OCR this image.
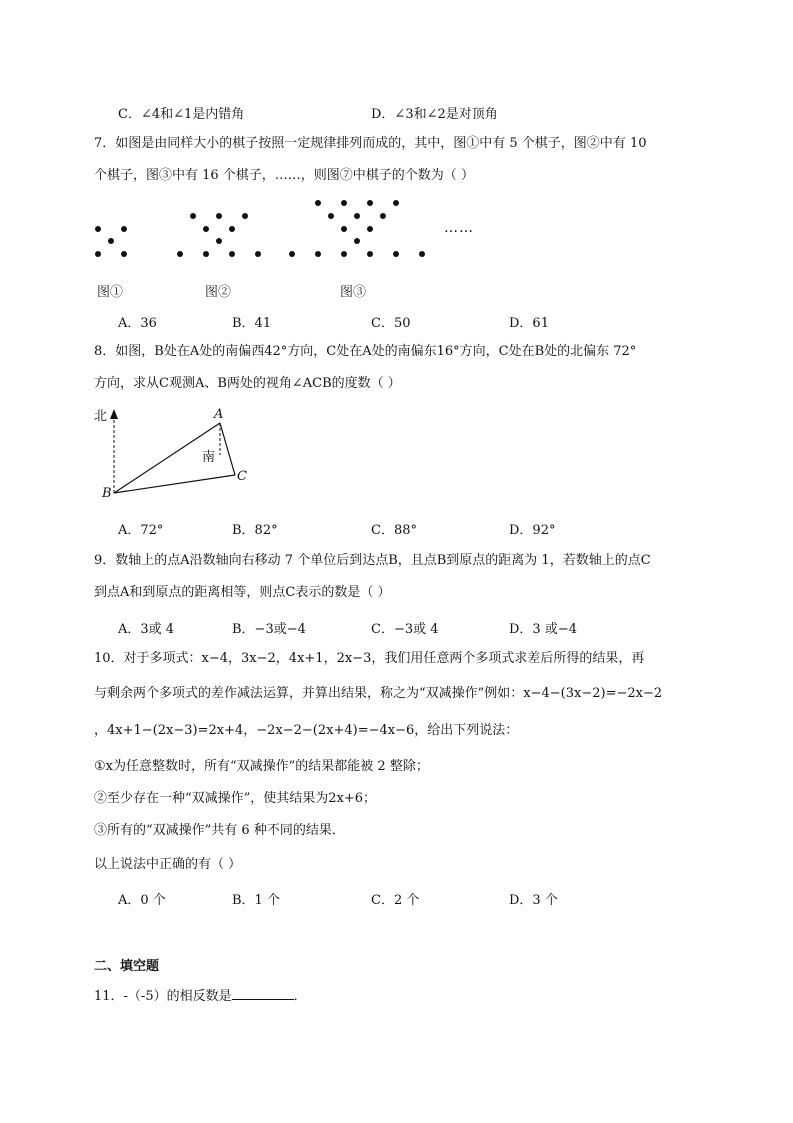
C．∠4和∠1是内错角	D．∠3和∠2是对顶角
7．如图是由同样大小的棋子按照一定规律排列而成的，其中，图①中有 5 个棋子，图②中有 10
个棋子，图③中有 16 个棋子，……，则图⑦中棋子的个数为（ ）
……
图①	图②	图③
A．36	B．41	C．50	D．61
8．如图，B处在A处的南偏西42°方向，C处在A处的南偏东16°方向，C处在B处的北偏东 72°
方向，求从C观测A、B两处的视角∠ACB的度数（ ）
北	A
南
C
B
A．72°	B．82°	C．88°	D．92°
9．数轴上的点A沿数轴向右移动 7 个单位后到达点B，且点B到原点的距离为 1，若数轴上的点C
到点A和到原点的距离相等，则点C表示的数是（ ）
A．3或 4	B．−3或−4	C．−3或 4	D．3 或−4
10．对于多项式：x−4，3x−2，4x+1，2x−3，我们用任意两个多项式求差后所得的结果，再
与剩余两个多项式的差作减法运算，并算出结果，称之为“双减操作”例如：x−4−(3x−2)=−2x−2
，4x+1−(2x−3)=2x+4，−2x−2−(2x+4)=−4x−6，给出下列说法：
①x为任意整数时，所有“双减操作”的结果都能被 2 整除；
②至少存在一种“双减操作”，使其结果为2x+6；
③所有的“双减操作”共有 6 种不同的结果．
以上说法中正确的有（ ）
A．0 个	B．1 个	C．2 个	D．3 个
二、填空题
11．-（-5）的相反数是	．
